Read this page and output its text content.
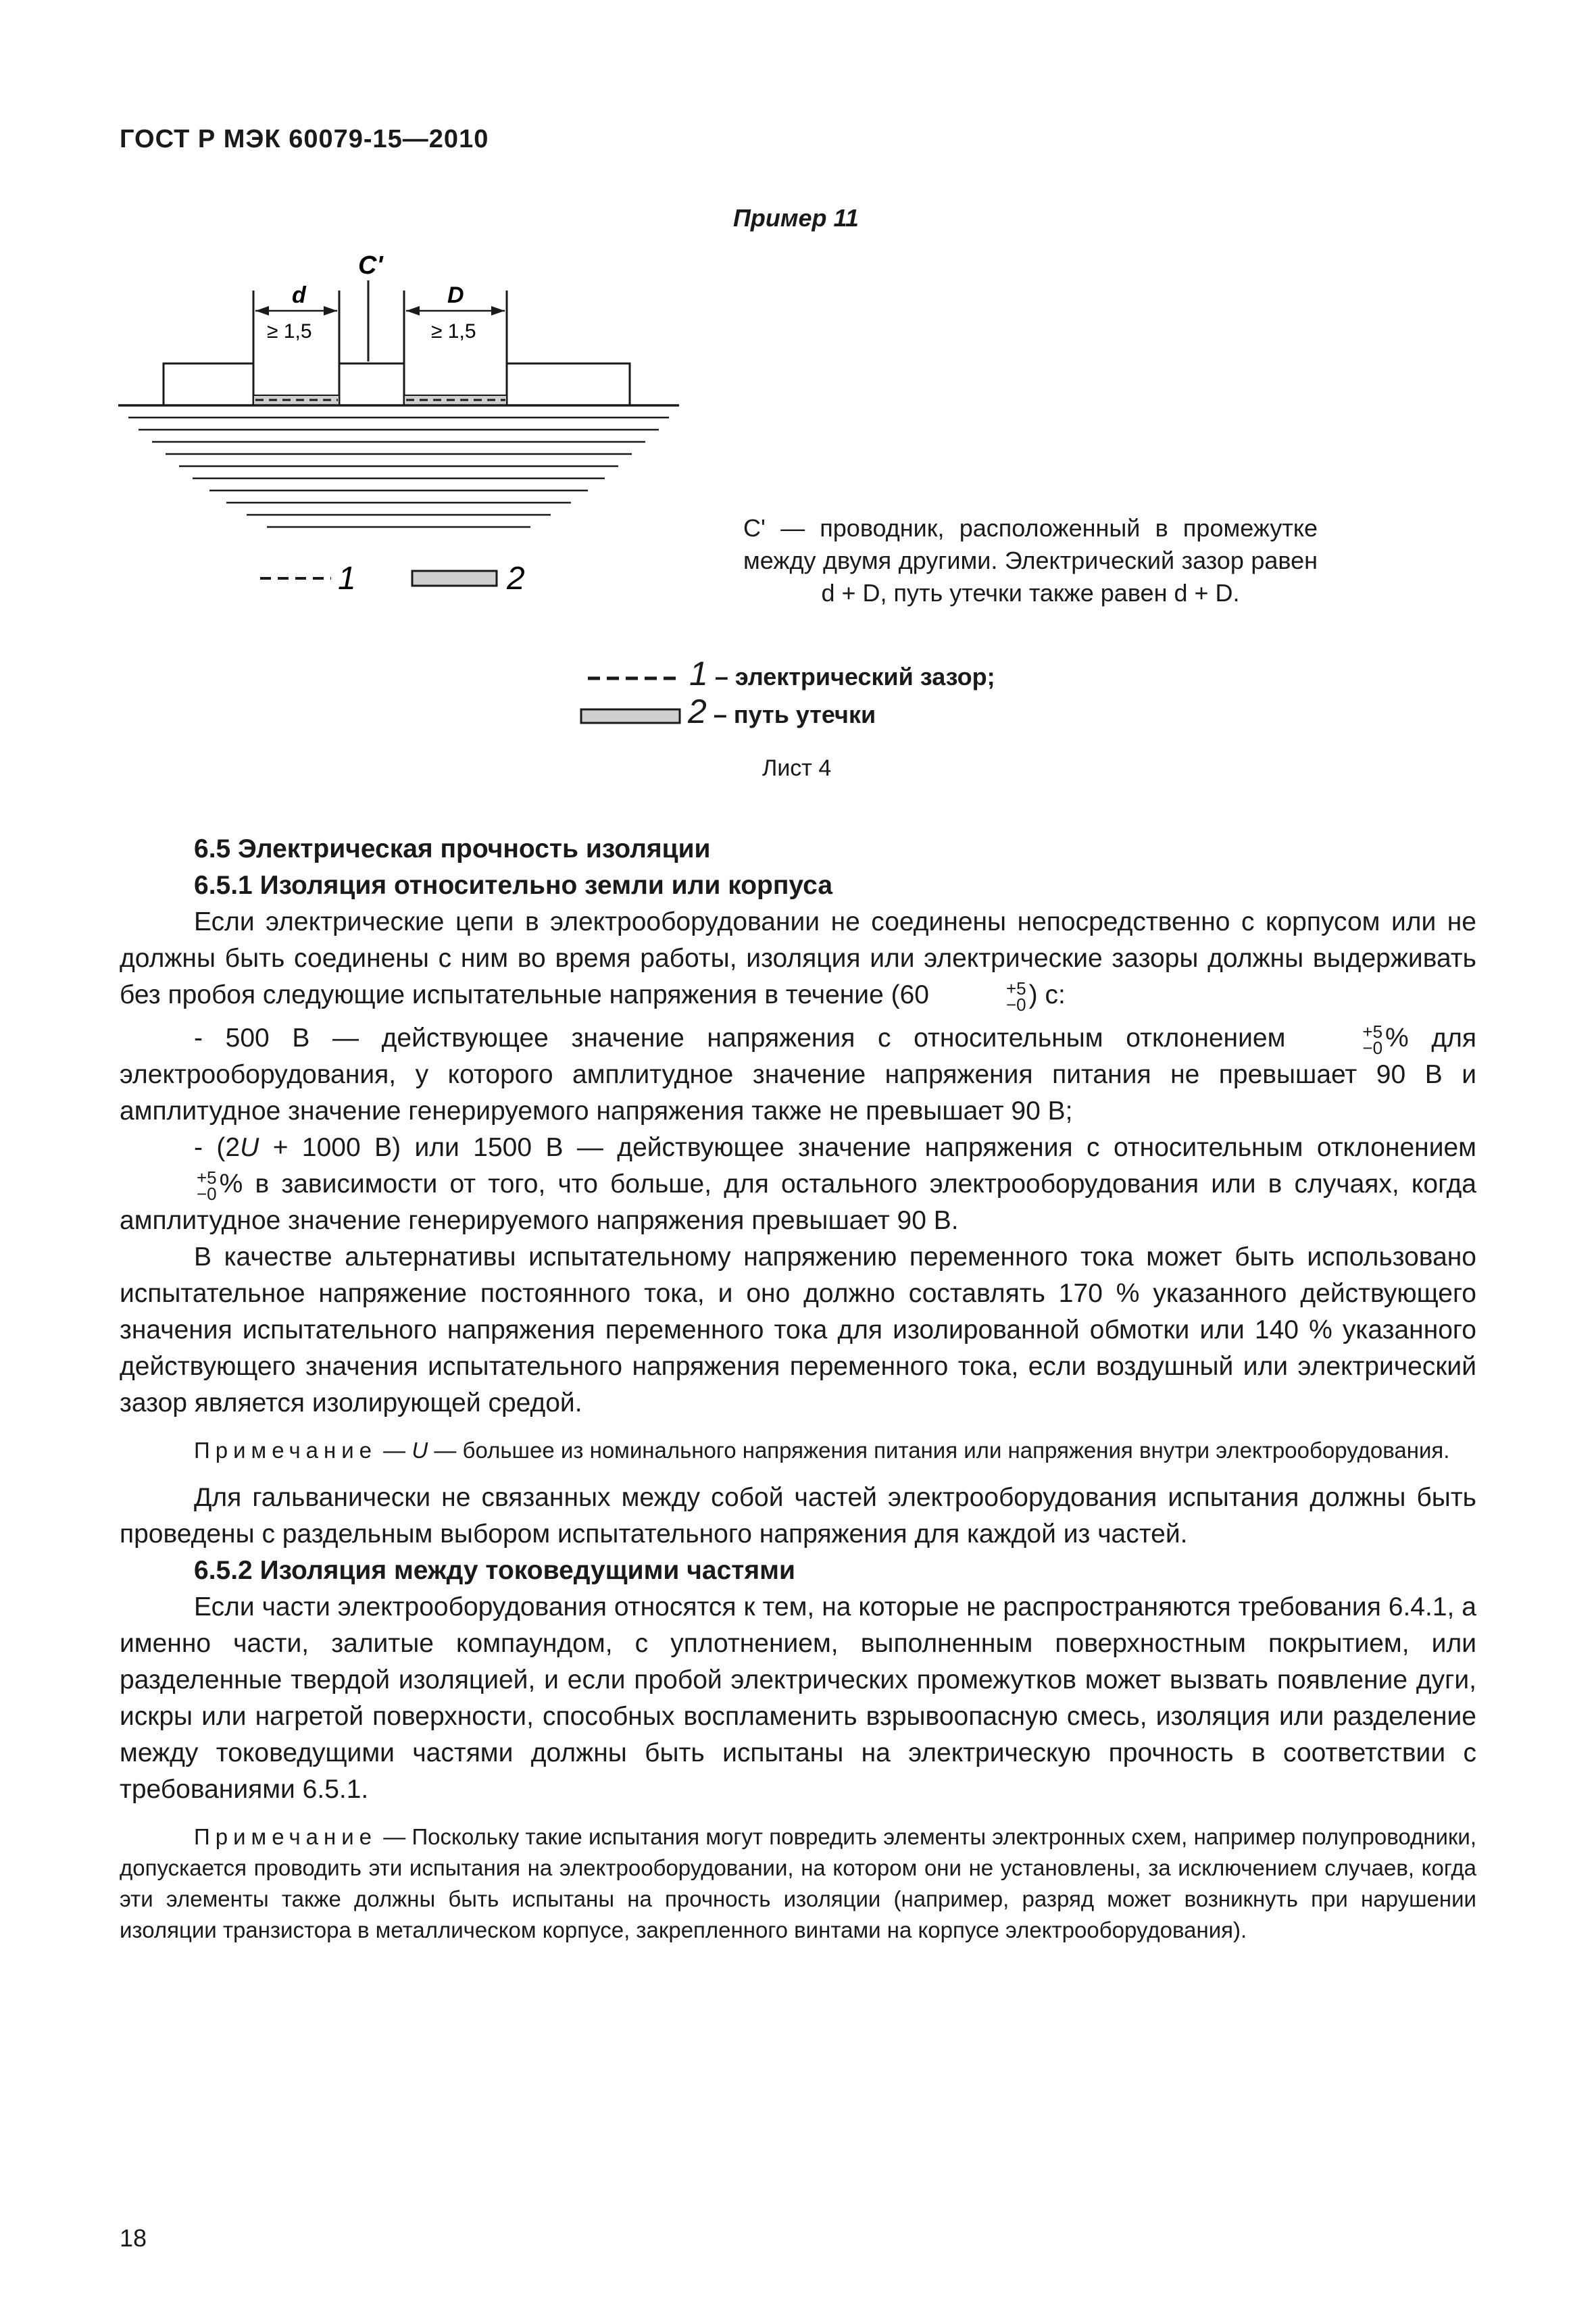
ГОСТ Р МЭК 60079-15—2010
Пример 11
C'
d
≥ 1,5
D
≥ 1,5
1	2
C' — проводник, расположенный в промежутке между двумя другими. Электрический зазор равен d + D, путь утечки также равен d + D.
1 – электрический зазор;
2 – путь утечки
Лист 4
6.5 Электрическая прочность изоляции
6.5.1 Изоляция относительно земли или корпуса

Если электрические цепи в электрооборудовании не соединены непосредственно с корпусом или не должны быть соединены с ним во время работы, изоляция или электрические зазоры должны выдерживать без пробоя следующие испытательные напряжения в течение (60	+5
−0 ) с:

- 500 В — действующее значение напряжения с относительным отклонением	+5
−0 % для электрооборудования, у которого амплитудное значение напряжения питания не превышает 90 В и амплитудное значение генерируемого напряжения также не превышает 90 В;

- (2U + 1000 В) или 1500 В — действующее значение напряжения с относительным отклонением
+5
−0 % в зависимости от того, что больше, для остального электрооборудования или в случаях, когда амплитудное значение генерируемого напряжения превышает 90 В.

В качестве альтернативы испытательному напряжению переменного тока может быть использовано испытательное напряжение постоянного тока, и оно должно составлять 170 % указанного действующего значения испытательного напряжения переменного тока для изолированной обмотки или 140 % указанного действующего значения испытательного напряжения переменного тока, если воздушный или электрический зазор является изолирующей средой.

Примечание — U — большее из номинального напряжения питания или напряжения внутри электрооборудования.

Для гальванически не связанных между собой частей электрооборудования испытания должны быть проведены с раздельным выбором испытательного напряжения для каждой из частей.

6.5.2 Изоляция между токоведущими частями

Если части электрооборудования относятся к тем, на которые не распространяются требования 6.4.1, а именно части, залитые компаундом, с уплотнением, выполненным поверхностным покрытием, или разделенные твердой изоляцией, и если пробой электрических промежутков может вызвать появление дуги, искры или нагретой поверхности, способных воспламенить взрывоопасную смесь, изоляция или разделение между токоведущими частями должны быть испытаны на электрическую прочность в соответствии с требованиями 6.5.1.

Примечание — Поскольку такие испытания могут повредить элементы электронных схем, например полупроводники, допускается проводить эти испытания на электрооборудовании, на котором они не установлены, за исключением случаев, когда эти элементы также должны быть испытаны на прочность изоляции (например, разряд может возникнуть при нарушении изоляции транзистора в металлическом корпусе, закрепленного винтами на корпусе электрооборудования).

18
